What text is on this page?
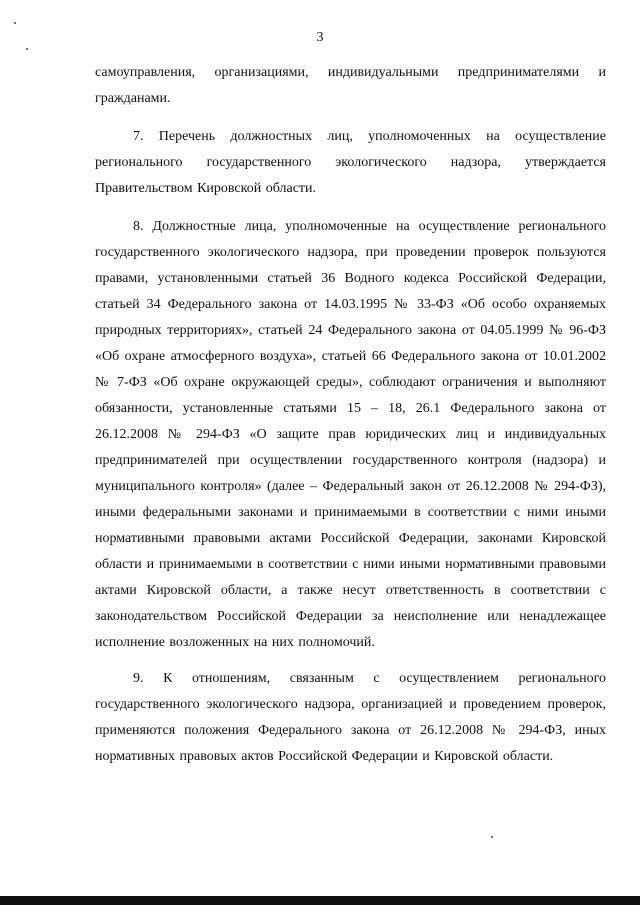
3

самоуправления, организациями, индивидуальными предпринимателями и гражданами.

7. Перечень должностных лиц, уполномоченных на осуществление регионального государственного экологического надзора, утверждается Правительством Кировской области.

8. Должностные лица, уполномоченные на осуществление регионального государственного экологического надзора, при проведении проверок пользуются правами, установленными статьей 36 Водного кодекса Российской Федерации, статьей 34 Федерального закона от 14.03.1995 № 33-ФЗ «Об особо охраняемых природных территориях», статьей 24 Федерального закона от 04.05.1999 № 96-ФЗ «Об охране атмосферного воздуха», статьей 66 Федерального закона от 10.01.2002 № 7-ФЗ «Об охране окружающей среды», соблюдают ограничения и выполняют обязанности, установленные статьями 15 – 18, 26.1 Федерального закона от 26.12.2008 № 294-ФЗ «О защите прав юридических лиц и индивидуальных предпринимателей при осуществлении государственного контроля (надзора) и муниципального контроля» (далее – Федеральный закон от 26.12.2008 № 294-ФЗ), иными федеральными законами и принимаемыми в соответствии с ними иными нормативными правовыми актами Российской Федерации, законами Кировской области и принимаемыми в соответствии с ними иными нормативными правовыми актами Кировской области, а также несут ответственность в соответствии с законодательством Российской Федерации за неисполнение или ненадлежащее исполнение возложенных на них полномочий.

9. К отношениям, связанным с осуществлением регионального государственного экологического надзора, организацией и проведением проверок, применяются положения Федерального закона от 26.12.2008 № 294-ФЗ, иных нормативных правовых актов Российской Федерации и Кировской области.
